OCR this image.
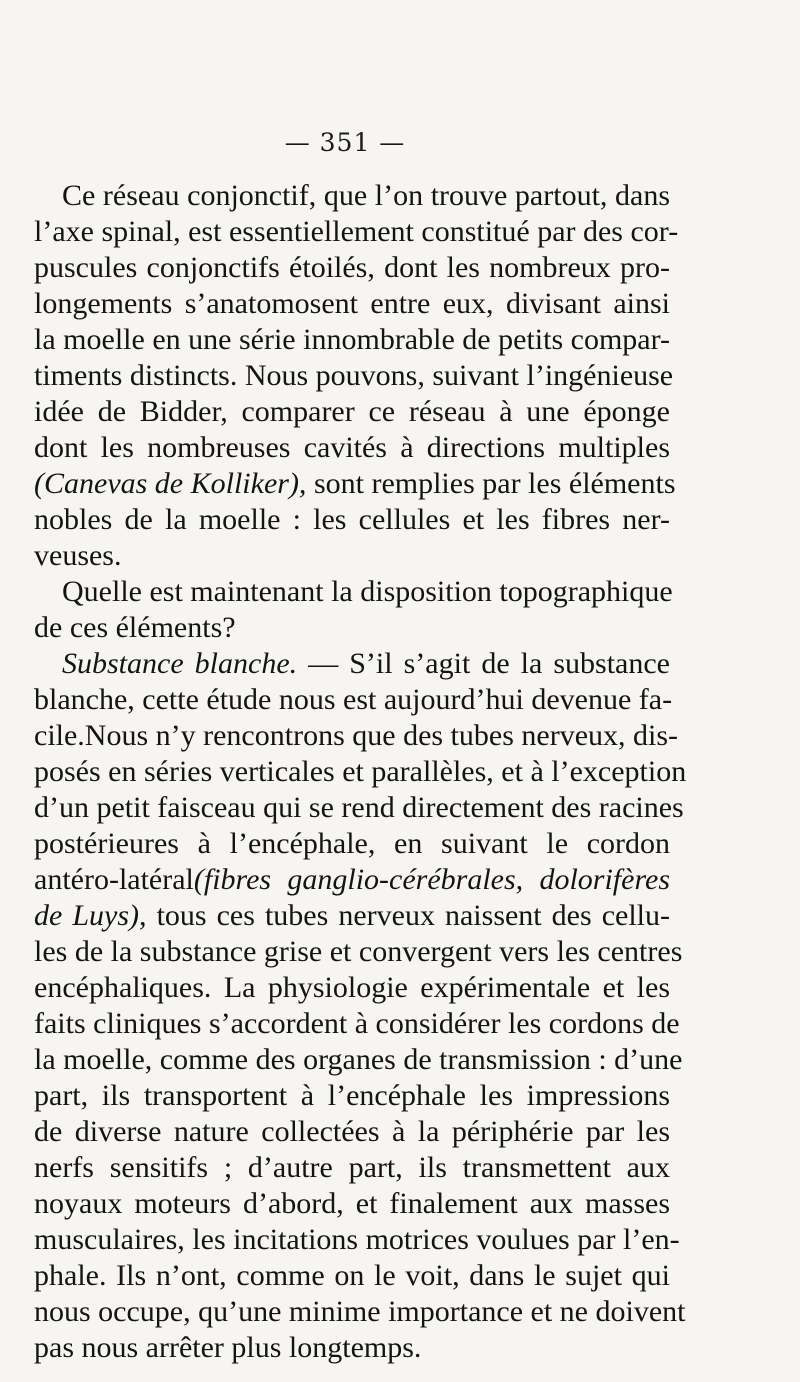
— 351 —
Ce réseau conjonctif, que l’on trouve partout, dans
l’axe spinal, est essentiellement constitué par des cor-
puscules conjonctifs étoilés, dont les nombreux pro-
longements s’anatomosent entre eux, divisant ainsi
la moelle en une série innombrable de petits compar-
timents distincts. Nous pouvons, suivant l’ingénieuse
idée de Bidder, comparer ce réseau à une éponge
dont les nombreuses cavités à directions multiples
(Canevas de Kolliker), sont remplies par les éléments
nobles de la moelle : les cellules et les fibres ner-
veuses.
Quelle est maintenant la disposition topographique
de ces éléments?
Substance blanche. — S’il s’agit de la substance
blanche, cette étude nous est aujourd’hui devenue fa-
cile.Nous n’y rencontrons que des tubes nerveux, dis-
posés en séries verticales et parallèles, et à l’exception
d’un petit faisceau qui se rend directement des racines
postérieures à l’encéphale, en suivant le cordon
antéro-latéral(fibres ganglio-cérébrales, dolorifères
de Luys), tous ces tubes nerveux naissent des cellu-
les de la substance grise et convergent vers les centres
encéphaliques. La physiologie expérimentale et les
faits cliniques s’accordent à considérer les cordons de
la moelle, comme des organes de transmission : d’une
part, ils transportent à l’encéphale les impressions
de diverse nature collectées à la périphérie par les
nerfs sensitifs ; d’autre part, ils transmettent aux
noyaux moteurs d’abord, et finalement aux masses
musculaires, les incitations motrices voulues par l’en-
phale. Ils n’ont, comme on le voit, dans le sujet qui
nous occupe, qu’une minime importance et ne doivent
pas nous arrêter plus longtemps.
